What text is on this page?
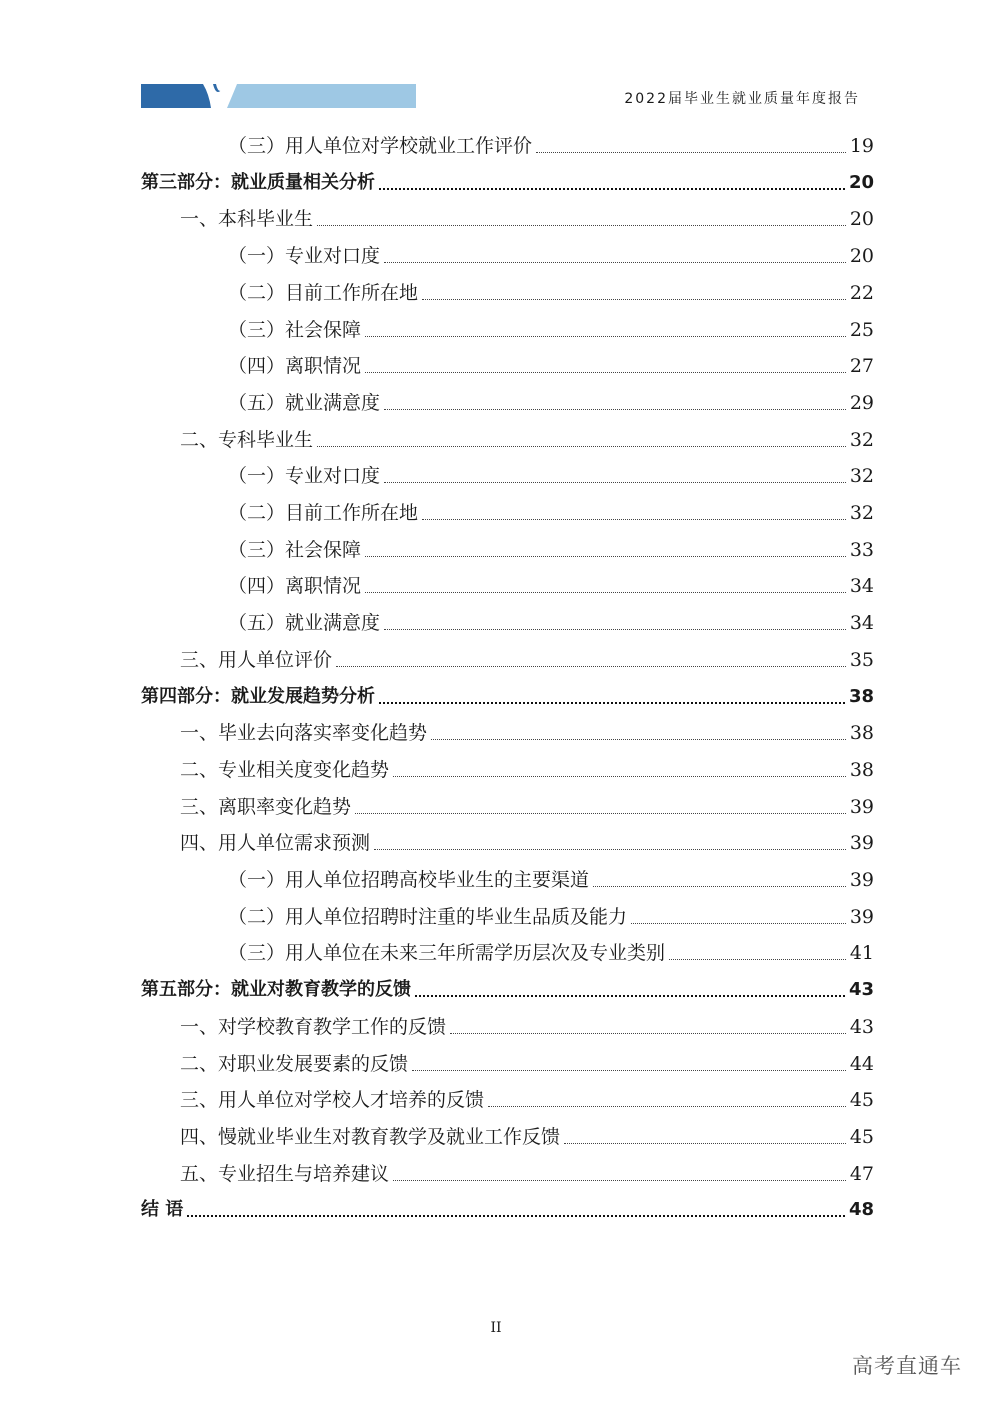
2022届毕业生就业质量年度报告
（三）用人单位对学校就业工作评价	19
第三部分：就业质量相关分析	20
一、本科毕业生	20
（一）专业对口度	20
（二）目前工作所在地	22
（三）社会保障	25
（四）离职情况	27
（五）就业满意度	29
二、专科毕业生	32
（一）专业对口度	32
（二）目前工作所在地	32
（三）社会保障	33
（四）离职情况	34
（五）就业满意度	34
三、用人单位评价	35
第四部分：就业发展趋势分析	38
一、毕业去向落实率变化趋势	38
二、专业相关度变化趋势	38
三、离职率变化趋势	39
四、用人单位需求预测	39
（一）用人单位招聘高校毕业生的主要渠道	39
（二）用人单位招聘时注重的毕业生品质及能力	39
（三）用人单位在未来三年所需学历层次及专业类别	41
第五部分：就业对教育教学的反馈	43
一、对学校教育教学工作的反馈	43
二、对职业发展要素的反馈	44
三、用人单位对学校人才培养的反馈	45
四、慢就业毕业生对教育教学及就业工作反馈	45
五、专业招生与培养建议	47
结 语	48
II
高考直通车
